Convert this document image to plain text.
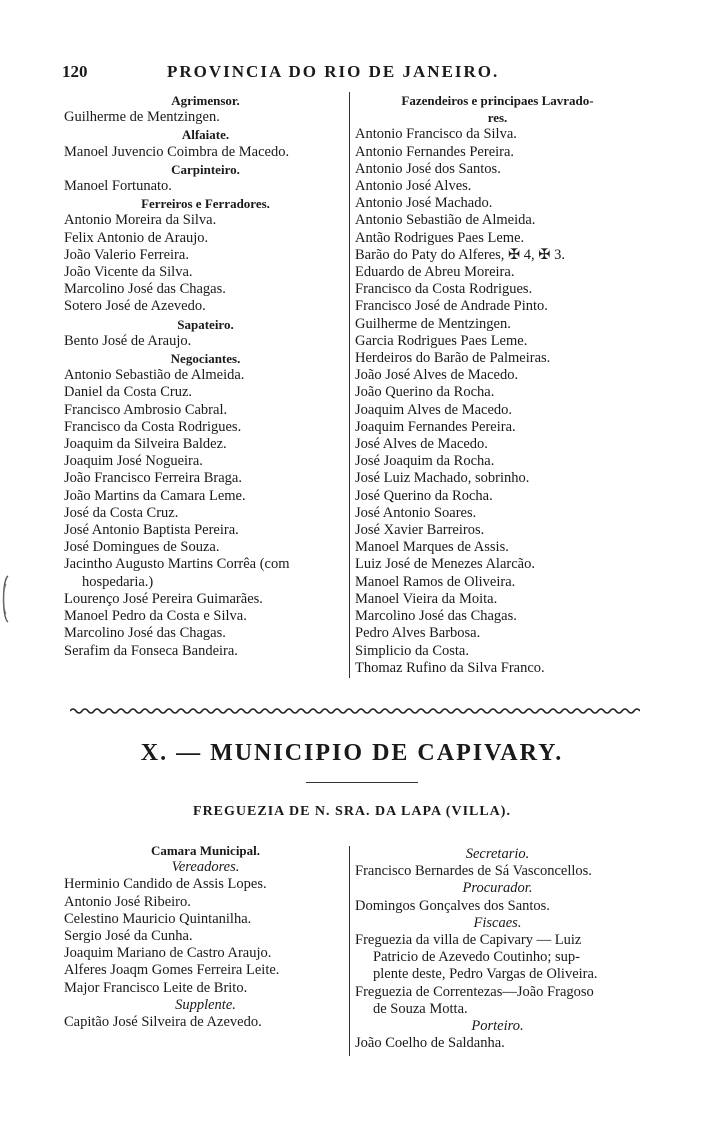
120	PROVINCIA DO RIO DE JANEIRO.
Agrimensor.
Guilherme de Mentzingen.
Alfaiate.
Manoel Juvencio Coimbra de Macedo.
Carpinteiro.
Manoel Fortunato.
Ferreiros e Ferradores.
Antonio Moreira da Silva.
Felix Antonio de Araujo.
João Valerio Ferreira.
João Vicente da Silva.
Marcolino José das Chagas.
Sotero José de Azevedo.
Sapateiro.
Bento José de Araujo.
Negociantes.
Antonio Sebastião de Almeida.
Daniel da Costa Cruz.
Francisco Ambrosio Cabral.
Francisco da Costa Rodrigues.
Joaquim da Silveira Baldez.
Joaquim José Nogueira.
João Francisco Ferreira Braga.
João Martins da Camara Leme.
José da Costa Cruz.
José Antonio Baptista Pereira.
José Domingues de Souza.
Jacintho Augusto Martins Corrêa (com
hospedaria.)
Lourenço José Pereira Guimarães.
Manoel Pedro da Costa e Silva.
Marcolino José das Chagas.
Serafim da Fonseca Bandeira.
Fazendeiros e principaes Lavrado-
res.
Antonio Francisco da Silva.
Antonio Fernandes Pereira.
Antonio José dos Santos.
Antonio José Alves.
Antonio José Machado.
Antonio Sebastião de Almeida.
Antão Rodrigues Paes Leme.
Barão do Paty do Alferes, ✠ 4, ✠ 3.
Eduardo de Abreu Moreira.
Francisco da Costa Rodrigues.
Francisco José de Andrade Pinto.
Guilherme de Mentzingen.
Garcia Rodrigues Paes Leme.
Herdeiros do Barão de Palmeiras.
João José Alves de Macedo.
João Querino da Rocha.
Joaquim Alves de Macedo.
Joaquim Fernandes Pereira.
José Alves de Macedo.
José Joaquim da Rocha.
José Luiz Machado, sobrinho.
José Querino da Rocha.
José Antonio Soares.
José Xavier Barreiros.
Manoel Marques de Assis.
Luiz José de Menezes Alarcão.
Manoel Ramos de Oliveira.
Manoel Vieira da Moita.
Marcolino José das Chagas.
Pedro Alves Barbosa.
Simplicio da Costa.
Thomaz Rufino da Silva Franco.
X. — MUNICIPIO DE CAPIVARY.
FREGUEZIA DE N. SRA. DA LAPA (VILLA).
Camara Municipal.
Vereadores.
Herminio Candido de Assis Lopes.
Antonio José Ribeiro.
Celestino Mauricio Quintanilha.
Sergio José da Cunha.
Joaquim Mariano de Castro Araujo.
Alferes Joaqm Gomes Ferreira Leite.
Major Francisco Leite de Brito.
Supplente.
Capitão José Silveira de Azevedo.
Secretario.
Francisco Bernardes de Sá Vasconcellos.
Procurador.
Domingos Gonçalves dos Santos.
Fiscaes.
Freguezia da villa de Capivary — Luiz
Patricio de Azevedo Coutinho; sup-
plente deste, Pedro Vargas de Oliveira.
Freguezia de Correntezas—João Fragoso
de Souza Motta.
Porteiro.
João Coelho de Saldanha.
